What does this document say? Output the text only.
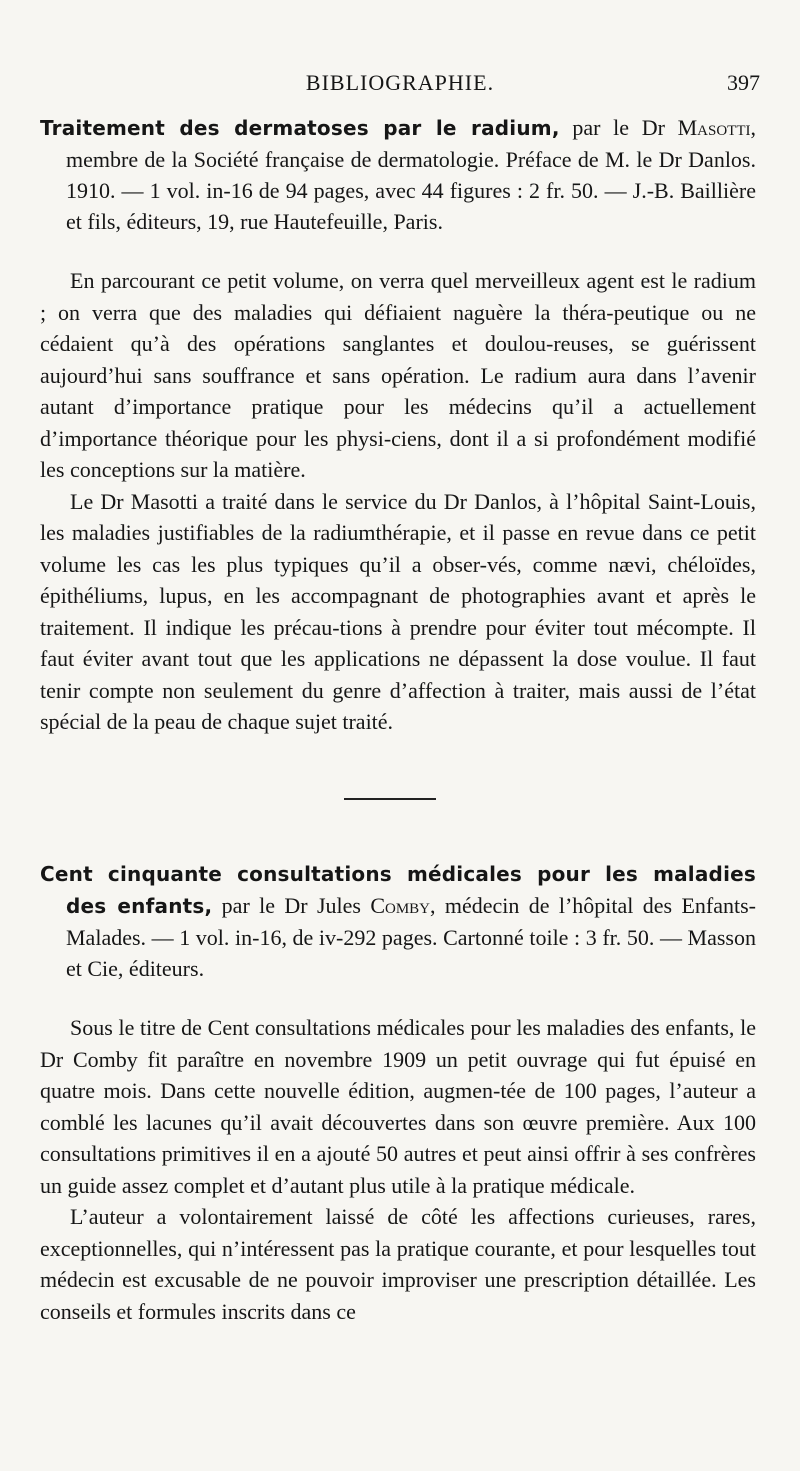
BIBLIOGRAPHIE.	397

Traitement des dermatoses par le radium, par le Dr Masotti, membre de la Société française de dermatologie. Préface de M. le Dr Danlos. 1910. — 1 vol. in-16 de 94 pages, avec 44 figures : 2 fr. 50. — J.-B. Baillière et fils, éditeurs, 19, rue Hautefeuille, Paris.

En parcourant ce petit volume, on verra quel merveilleux agent est le radium ; on verra que des maladies qui défiaient naguère la théra-peutique ou ne cédaient qu’à des opérations sanglantes et doulou-reuses, se guérissent aujourd’hui sans souffrance et sans opération. Le radium aura dans l’avenir autant d’importance pratique pour les médecins qu’il a actuellement d’importance théorique pour les physi-ciens, dont il a si profondément modifié les conceptions sur la matière.

Le Dr Masotti a traité dans le service du Dr Danlos, à l’hôpital Saint-Louis, les maladies justifiables de la radiumthérapie, et il passe en revue dans ce petit volume les cas les plus typiques qu’il a obser-vés, comme nævi, chéloïdes, épithéliums, lupus, en les accompagnant de photographies avant et après le traitement. Il indique les précau-tions à prendre pour éviter tout mécompte. Il faut éviter avant tout que les applications ne dépassent la dose voulue. Il faut tenir compte non seulement du genre d’affection à traiter, mais aussi de l’état spécial de la peau de chaque sujet traité.

Cent cinquante consultations médicales pour les maladies des enfants, par le Dr Jules Comby, médecin de l’hôpital des Enfants-Malades. — 1 vol. in-16, de iv-292 pages. Cartonné toile : 3 fr. 50. — Masson et Cie, éditeurs.

Sous le titre de Cent consultations médicales pour les maladies des enfants, le Dr Comby fit paraître en novembre 1909 un petit ouvrage qui fut épuisé en quatre mois. Dans cette nouvelle édition, augmen-tée de 100 pages, l’auteur a comblé les lacunes qu’il avait découvertes dans son œuvre première. Aux 100 consultations primitives il en a ajouté 50 autres et peut ainsi offrir à ses confrères un guide assez complet et d’autant plus utile à la pratique médicale.

L’auteur a volontairement laissé de côté les affections curieuses, rares, exceptionnelles, qui n’intéressent pas la pratique courante, et pour lesquelles tout médecin est excusable de ne pouvoir improviser une prescription détaillée. Les conseils et formules inscrits dans ce
